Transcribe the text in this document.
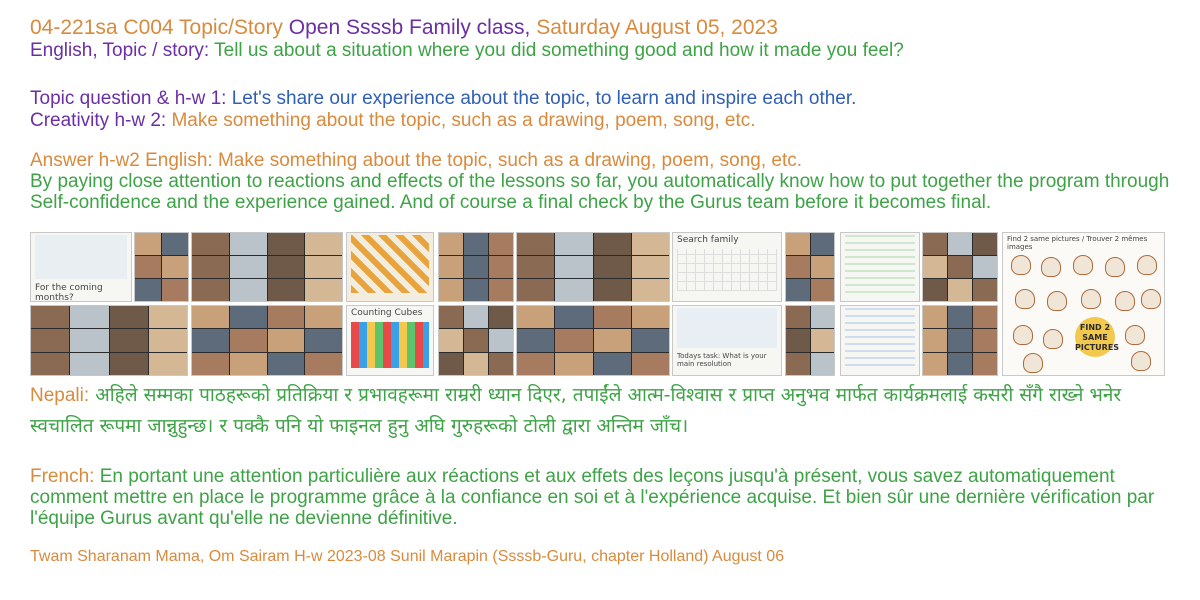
04-221sa C004 Topic/Story Open Ssssb Family class, Saturday August 05, 2023
English, Topic / story: Tell us about a situation where you did something good and how it made you feel?
Topic question & h-w 1: Let's share our experience about the topic, to learn and inspire each other.
Creativity h-w 2: Make something about the topic, such as a drawing, poem, song, etc.
Answer h-w2 English: Make something about the topic, such as a drawing, poem, song, etc.
By paying close attention to reactions and effects of the lessons so far, you automatically know how to put together the program through Self-confidence and the experience gained. And of course a final check by the Gurus team before it becomes final.
For the coming months?
Search family
Counting Cubes
Todays task: What is your main resolution
Find 2 same pictures / Trouver 2 mêmes images
FIND 2 SAME PICTURES
Nepali: अहिले सम्मका पाठहरूको प्रतिक्रिया र प्रभावहरूमा राम्ररी ध्यान दिएर, तपाईंले आत्म-विश्वास र प्राप्त अनुभव मार्फत कार्यक्रमलाई कसरी सँगै राख्ने भनेर स्वचालित रूपमा जान्नुहुन्छ। र पक्कै पनि यो फाइनल हुनु अघि गुरुहरूको टोली द्वारा अन्तिम जाँच।
French: En portant une attention particulière aux réactions et aux effets des leçons jusqu'à présent, vous savez automatiquement comment mettre en place le programme grâce à la confiance en soi et à l'expérience acquise. Et bien sûr une dernière vérification par l'équipe Gurus avant qu'elle ne devienne définitive.
Twam Sharanam Mama, Om Sairam H-w 2023-08 Sunil Marapin (Ssssb-Guru, chapter Holland) August 06
